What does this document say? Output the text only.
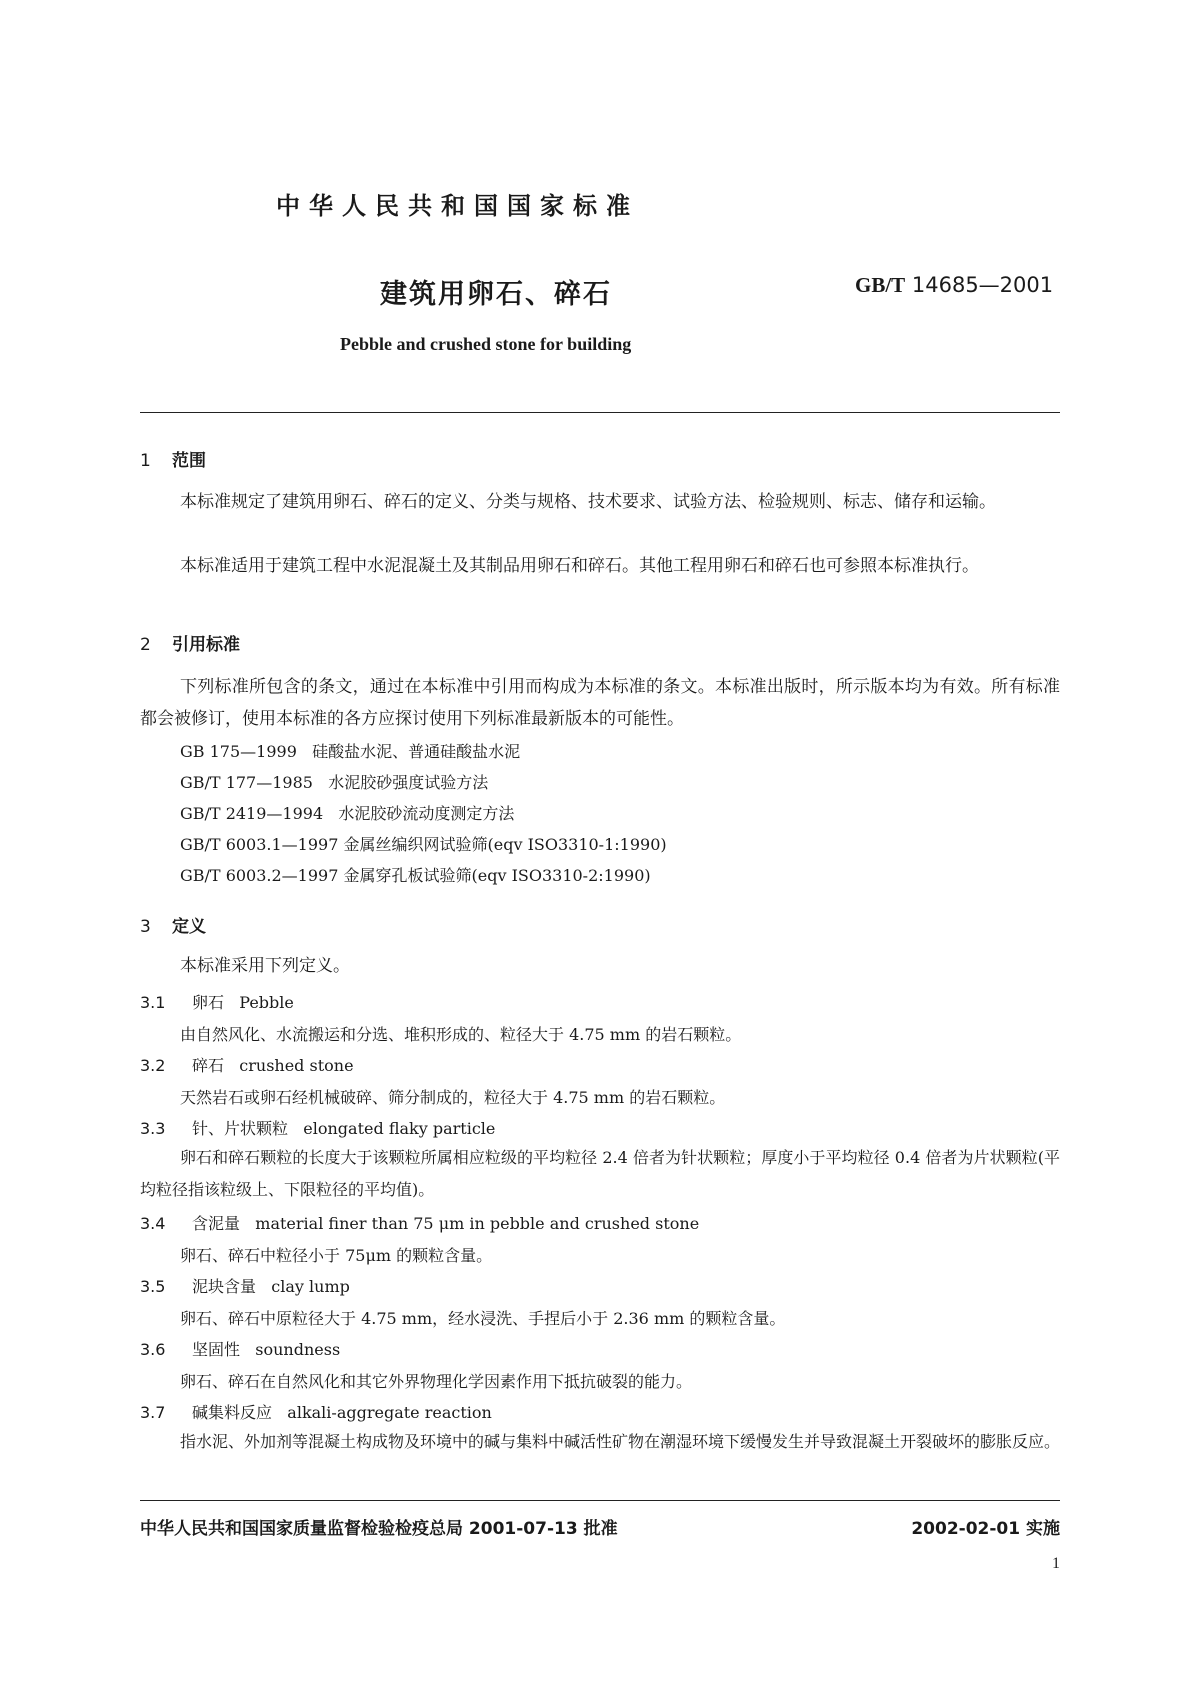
中华人民共和国国家标准
建筑用卵石、碎石	GB/T 14685—2001
Pebble and crushed stone for building
1 范围
本标准规定了建筑用卵石、碎石的定义、分类与规格、技术要求、试验方法、检验规则、标志、储存和运输。
本标准适用于建筑工程中水泥混凝土及其制品用卵石和碎石。其他工程用卵石和碎石也可参照本标准执行。
2 引用标准
下列标准所包含的条文，通过在本标准中引用而构成为本标准的条文。本标准出版时，所示版本均为有效。所有标准都会被修订，使用本标准的各方应探讨使用下列标准最新版本的可能性。
GB 175—1999 硅酸盐水泥、普通硅酸盐水泥
GB/T 177—1985 水泥胶砂强度试验方法
GB/T 2419—1994 水泥胶砂流动度测定方法
GB/T 6003.1—1997 金属丝编织网试验筛(eqv ISO3310-1:1990)
GB/T 6003.2—1997 金属穿孔板试验筛(eqv ISO3310-2:1990)
3 定义
本标准采用下列定义。
3.1 卵石 Pebble
由自然风化、水流搬运和分选、堆积形成的、粒径大于 4.75 mm 的岩石颗粒。
3.2 碎石 crushed stone
天然岩石或卵石经机械破碎、筛分制成的，粒径大于 4.75 mm 的岩石颗粒。
3.3 针、片状颗粒 elongated flaky particle
卵石和碎石颗粒的长度大于该颗粒所属相应粒级的平均粒径 2.4 倍者为针状颗粒；厚度小于平均粒径 0.4 倍者为片状颗粒(平均粒径指该粒级上、下限粒径的平均值)。
3.4 含泥量 material finer than 75 μm in pebble and crushed stone
卵石、碎石中粒径小于 75μm 的颗粒含量。
3.5 泥块含量 clay lump
卵石、碎石中原粒径大于 4.75 mm，经水浸洗、手捏后小于 2.36 mm 的颗粒含量。
3.6 坚固性 soundness
卵石、碎石在自然风化和其它外界物理化学因素作用下抵抗破裂的能力。
3.7 碱集料反应 alkali-aggregate reaction
指水泥、外加剂等混凝土构成物及环境中的碱与集料中碱活性矿物在潮湿环境下缓慢发生并导致混凝土开裂破坏的膨胀反应。
中华人民共和国国家质量监督检验检疫总局 2001-07-13 批准	2002-02-01 实施
1
